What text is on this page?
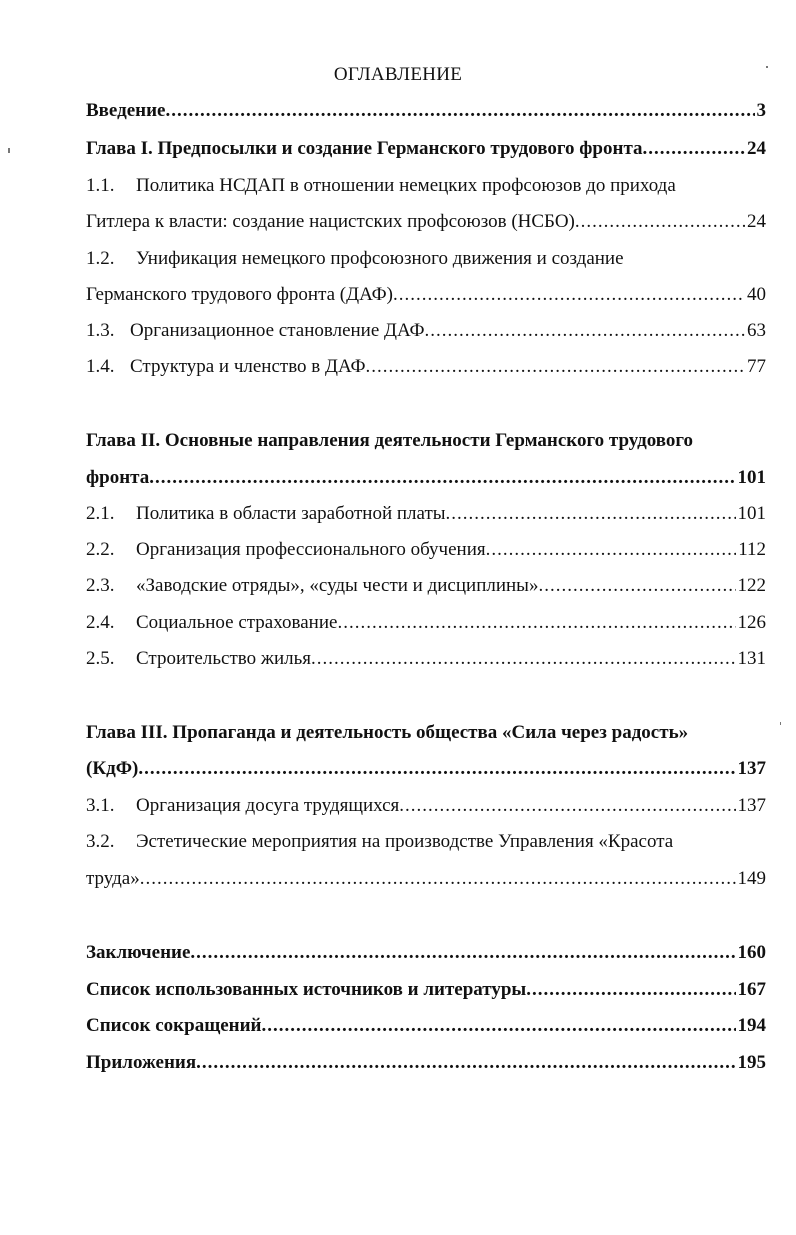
ОГЛАВЛЕНИЕ
Введение .....	3
Глава I. Предпосылки и создание Германского трудового фронта .....	24
1.1.	Политика НСДАП в отношении немецких профсоюзов до прихода
Гитлера к власти: создание нацистских профсоюзов (НСБО) .....	24
1.2.	Унификация немецкого профсоюзного движения и создание
Германского трудового фронта (ДАФ) .....	40
1.3. Организационное становление ДАФ .....	63
1.4. Структура и членство в ДАФ .....	77
Глава II. Основные направления деятельности Германского трудового
фронта .....	101
2.1.	Политика в области заработной платы .....	101
2.2.	Организация профессионального обучения .....	112
2.3.	«Заводские отряды», «суды чести и дисциплины» .....	122
2.4.	Социальное страхование .....	126
2.5.	Строительство жилья .....	131
Глава III. Пропаганда и деятельность общества «Сила через радость»
(КдФ) .....	137
3.1.	Организация досуга трудящихся .....	137
3.2.	Эстетические мероприятия на производстве Управления «Красота
труда» .....	149
Заключение .....	160
Список использованных источников и литературы .....	167
Список сокращений .....	194
Приложения .....	195
